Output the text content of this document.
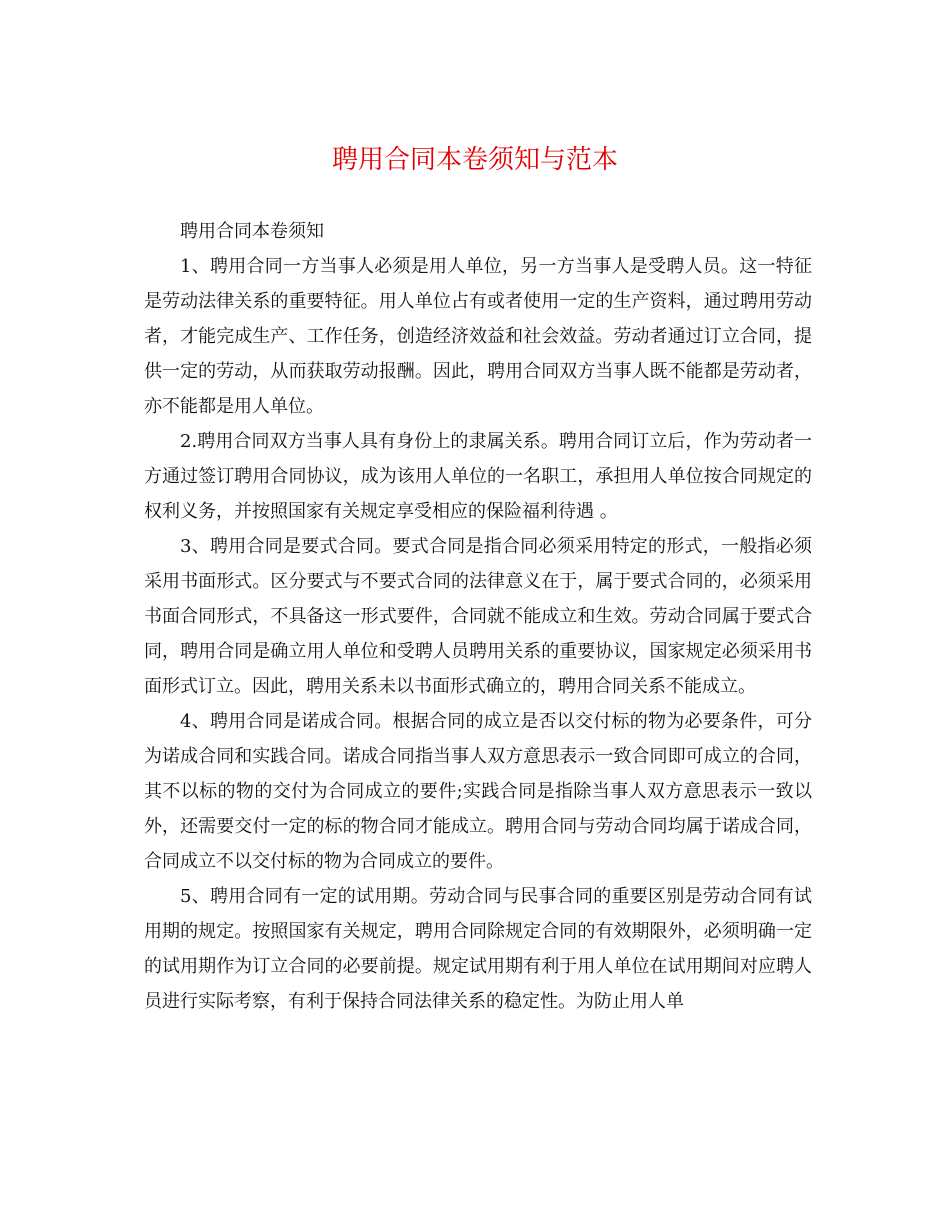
聘用合同本卷须知与范本

聘用合同本卷须知

1、聘用合同一方当事人必须是用人单位，另一方当事人是受聘人员。这一特征是劳动法律关系的重要特征。用人单位占有或者使用一定的生产资料，通过聘用劳动者，才能完成生产、工作任务，创造经济效益和社会效益。劳动者通过订立合同，提供一定的劳动，从而获取劳动报酬。因此，聘用合同双方当事人既不能都是劳动者，亦不能都是用人单位。

2.聘用合同双方当事人具有身份上的隶属关系。聘用合同订立后，作为劳动者一方通过签订聘用合同协议，成为该用人单位的一名职工，承担用人单位按合同规定的权利义务，并按照国家有关规定享受相应的保险福利待遇 。

3、聘用合同是要式合同。要式合同是指合同必须采用特定的形式，一般指必须采用书面形式。区分要式与不要式合同的法律意义在于，属于要式合同的，必须采用书面合同形式，不具备这一形式要件，合同就不能成立和生效。劳动合同属于要式合同，聘用合同是确立用人单位和受聘人员聘用关系的重要协议，国家规定必须采用书面形式订立。因此，聘用关系未以书面形式确立的，聘用合同关系不能成立。

4、聘用合同是诺成合同。根据合同的成立是否以交付标的物为必要条件，可分为诺成合同和实践合同。诺成合同指当事人双方意思表示一致合同即可成立的合同，其不以标的物的交付为合同成立的要件;实践合同是指除当事人双方意思表示一致以外，还需要交付一定的标的物合同才能成立。聘用合同与劳动合同均属于诺成合同，合同成立不以交付标的物为合同成立的要件。

5、聘用合同有一定的试用期。劳动合同与民事合同的重要区别是劳动合同有试用期的规定。按照国家有关规定，聘用合同除规定合同的有效期限外，必须明确一定的试用期作为订立合同的必要前提。规定试用期有利于用人单位在试用期间对应聘人员进行实际考察，有利于保持合同法律关系的稳定性。为防止用人单
